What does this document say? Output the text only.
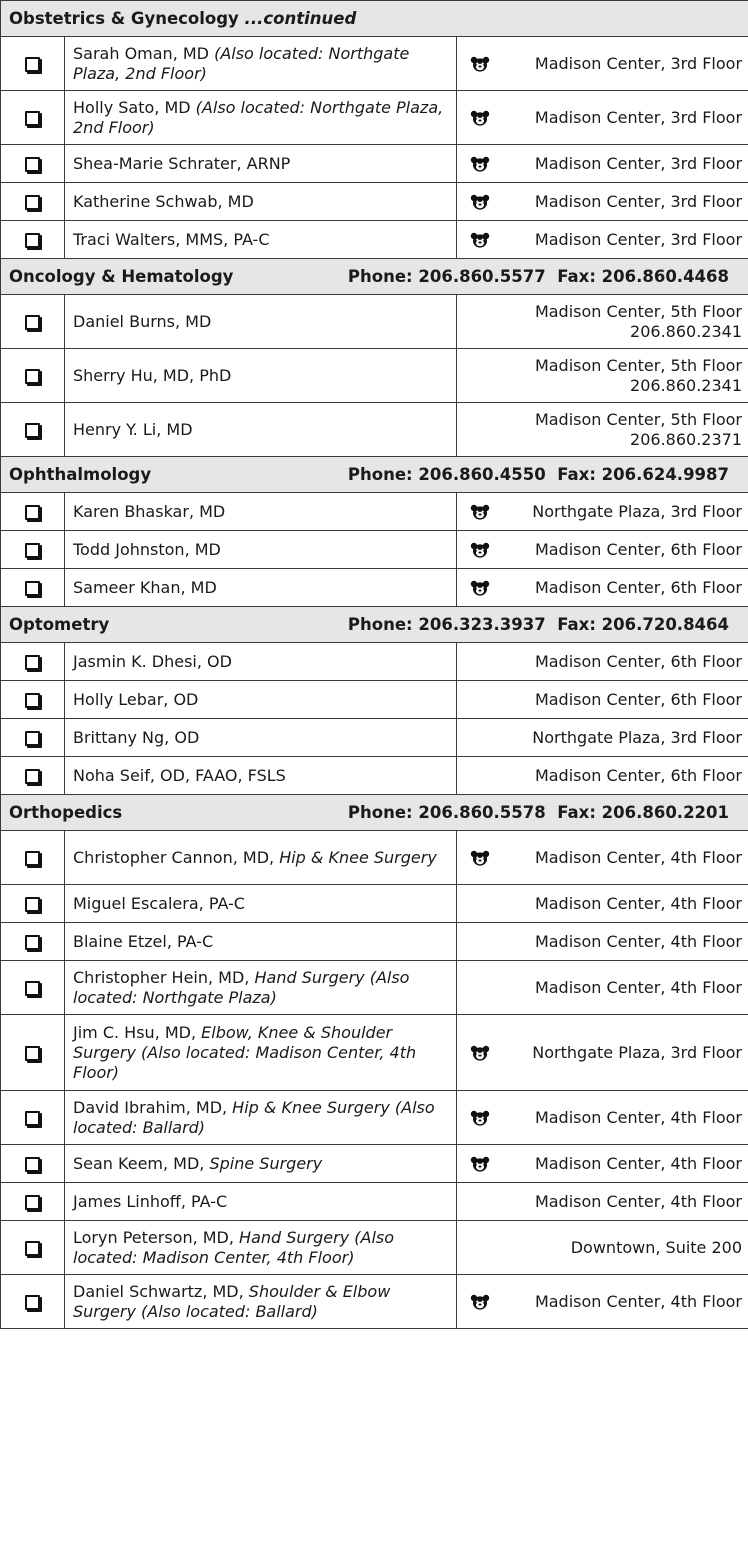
Obstetrics & Gynecology ...continued			

	Sarah Oman, MD (Also located: Northgate Plaza, 2nd Floor)		Madison Center, 3rd Floor

	Holly Sato, MD (Also located: Northgate Plaza, 2nd Floor)		Madison Center, 3rd Floor

	Shea-Marie Schrater, ARNP		Madison Center, 3rd Floor

	Katherine Schwab, MD		Madison Center, 3rd Floor

	Traci Walters, MMS, PA-C		Madison Center, 3rd Floor

Oncology & Hematology Phone: 206.860.5577 Fax: 206.860.4468			

	Daniel Burns, MD		Madison Center, 5th Floor
206.860.2341

	Sherry Hu, MD, PhD		Madison Center, 5th Floor
206.860.2341

	Henry Y. Li, MD		Madison Center, 5th Floor
206.860.2371

Ophthalmology Phone: 206.860.4550 Fax: 206.624.9987			

	Karen Bhaskar, MD		Northgate Plaza, 3rd Floor

	Todd Johnston, MD		Madison Center, 6th Floor

	Sameer Khan, MD		Madison Center, 6th Floor

Optometry Phone: 206.323.3937 Fax: 206.720.8464			

	Jasmin K. Dhesi, OD		Madison Center, 6th Floor

	Holly Lebar, OD		Madison Center, 6th Floor

	Brittany Ng, OD		Northgate Plaza, 3rd Floor

	Noha Seif, OD, FAAO, FSLS		Madison Center, 6th Floor

Orthopedics Phone: 206.860.5578 Fax: 206.860.2201			

	Christopher Cannon, MD, Hip & Knee Surgery		Madison Center, 4th Floor

	Miguel Escalera, PA-C		Madison Center, 4th Floor

	Blaine Etzel, PA-C		Madison Center, 4th Floor

	Christopher Hein, MD, Hand Surgery (Also located: Northgate Plaza)		Madison Center, 4th Floor

	Jim C. Hsu, MD, Elbow, Knee & Shoulder Surgery (Also located: Madison Center, 4th Floor)		Northgate Plaza, 3rd Floor

	David Ibrahim, MD, Hip & Knee Surgery (Also located: Ballard)		Madison Center, 4th Floor

	Sean Keem, MD, Spine Surgery		Madison Center, 4th Floor

	James Linhoff, PA-C		Madison Center, 4th Floor

	Loryn Peterson, MD, Hand Surgery (Also located: Madison Center, 4th Floor)		Downtown, Suite 200

	Daniel Schwartz, MD, Shoulder & Elbow Surgery (Also located: Ballard)		Madison Center, 4th Floor
